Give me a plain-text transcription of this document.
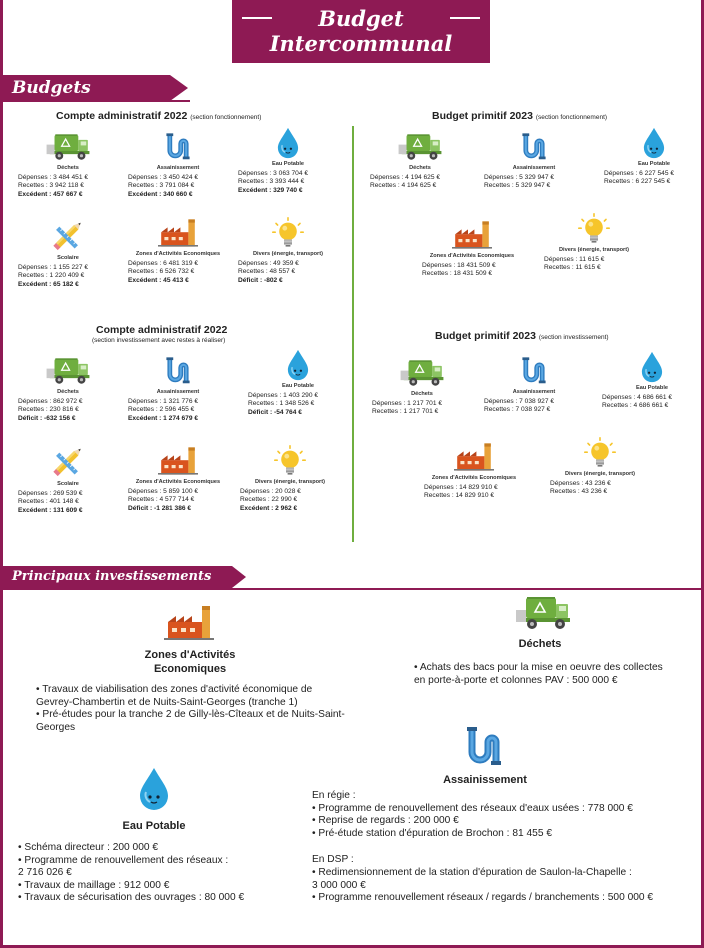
Budget
Intercommunal
Budgets annexes
Compte administratif 2022 (section fonctionnement)	Budget primitif 2023 (section fonctionnement)
Compte administratif 2022
(section investissement avec restes à réaliser)	Budget primitif 2023 (section investissement)
Déchets
Dépenses : 3 484 451 €
Recettes : 3 942 118 €
Excédent : 457 667 €
Assainissement
Dépenses : 3 450 424 €
Recettes : 3 791 084 €
Excédent : 340 660 €
Eau Potable
Dépenses : 3 063 704 €
Recettes : 3 393 444 €
Excédent : 329 740 €
Scolaire
Dépenses : 1 155 227 €
Recettes : 1 220 409 €
Excédent : 65 182 €
Zones d'Activités Economiques
Dépenses : 6 481 319 €
Recettes : 6 526 732 €
Excédent : 45 413 €
Divers (énergie, transport)
Dépenses : 49 359 €
Recettes : 48 557 €
Déficit : -802 €
Déchets
Dépenses : 862 972 €
Recettes : 230 816 €
Déficit : -632 156 €
Assainissement
Dépenses : 1 321 776 €
Recettes : 2 596 455 €
Excédent : 1 274 679 €
Eau Potable
Dépenses : 1 403 290 €
Recettes : 1 348 526 €
Déficit : -54 764 €
Scolaire
Dépenses : 269 539 €
Recettes : 401 148 €
Excédent : 131 609 €
Zones d'Activités Economiques
Dépenses : 5 859 100 €
Recettes : 4 577 714 €
Déficit : -1 281 386 €
Divers (énergie, transport)
Dépenses : 20 028 €
Recettes : 22 990 €
Excédent : 2 962 €
Déchets
Dépenses : 4 194 625 €
Recettes : 4 194 625 €
Assainissement
Dépenses : 5 329 947 €
Recettes : 5 329 947 €
Eau Potable
Dépenses : 6 227 545 €
Recettes : 6 227 545 €
Zones d'Activités Economiques
Dépenses : 18 431 509 €
Recettes : 18 431 509 €
Divers (énergie, transport)
Dépenses : 11 615 €
Recettes : 11 615 €
Déchets
Dépenses : 1 217 701 €
Recettes : 1 217 701 €
Assainissement
Dépenses : 7 038 927 €
Recettes : 7 038 927 €
Eau Potable
Dépenses : 4 686 661 €
Recettes : 4 686 661 €
Zones d'Activités Economiques
Dépenses : 14 829 910 €
Recettes : 14 829 910 €
Divers (énergie, transport)
Dépenses : 43 236 €
Recettes : 43 236 €
Principaux investissements 2023
Zones d'Activités
Economiques
• Travaux de viabilisation des zones d'activité économique de
Gevrey-Chambertin et de Nuits-Saint-Georges (tranche 1)
• Pré-études pour la tranche 2 de Gilly-lès-Cîteaux et de Nuits-Saint-Georges
Déchets
• Achats des bacs pour la mise en oeuvre des collectes
en porte-à-porte et colonnes PAV : 500 000 €
Assainissement
En régie :
• Programme de renouvellement des réseaux d'eaux usées : 778 000 €
• Reprise de regards : 200 000 €
• Pré-étude station d'épuration de Brochon : 81 455 €
En DSP :
• Redimensionnement de la station d'épuration de Saulon-la-Chapelle :
3 000 000 €
• Programme renouvellement réseaux / regards / branchements : 500 000 €
Eau Potable
• Schéma directeur : 200 000 €
• Programme de renouvellement des réseaux :
2 716 026 €
• Travaux de maillage : 912 000 €
• Travaux de sécurisation des ouvrages : 80 000 €
